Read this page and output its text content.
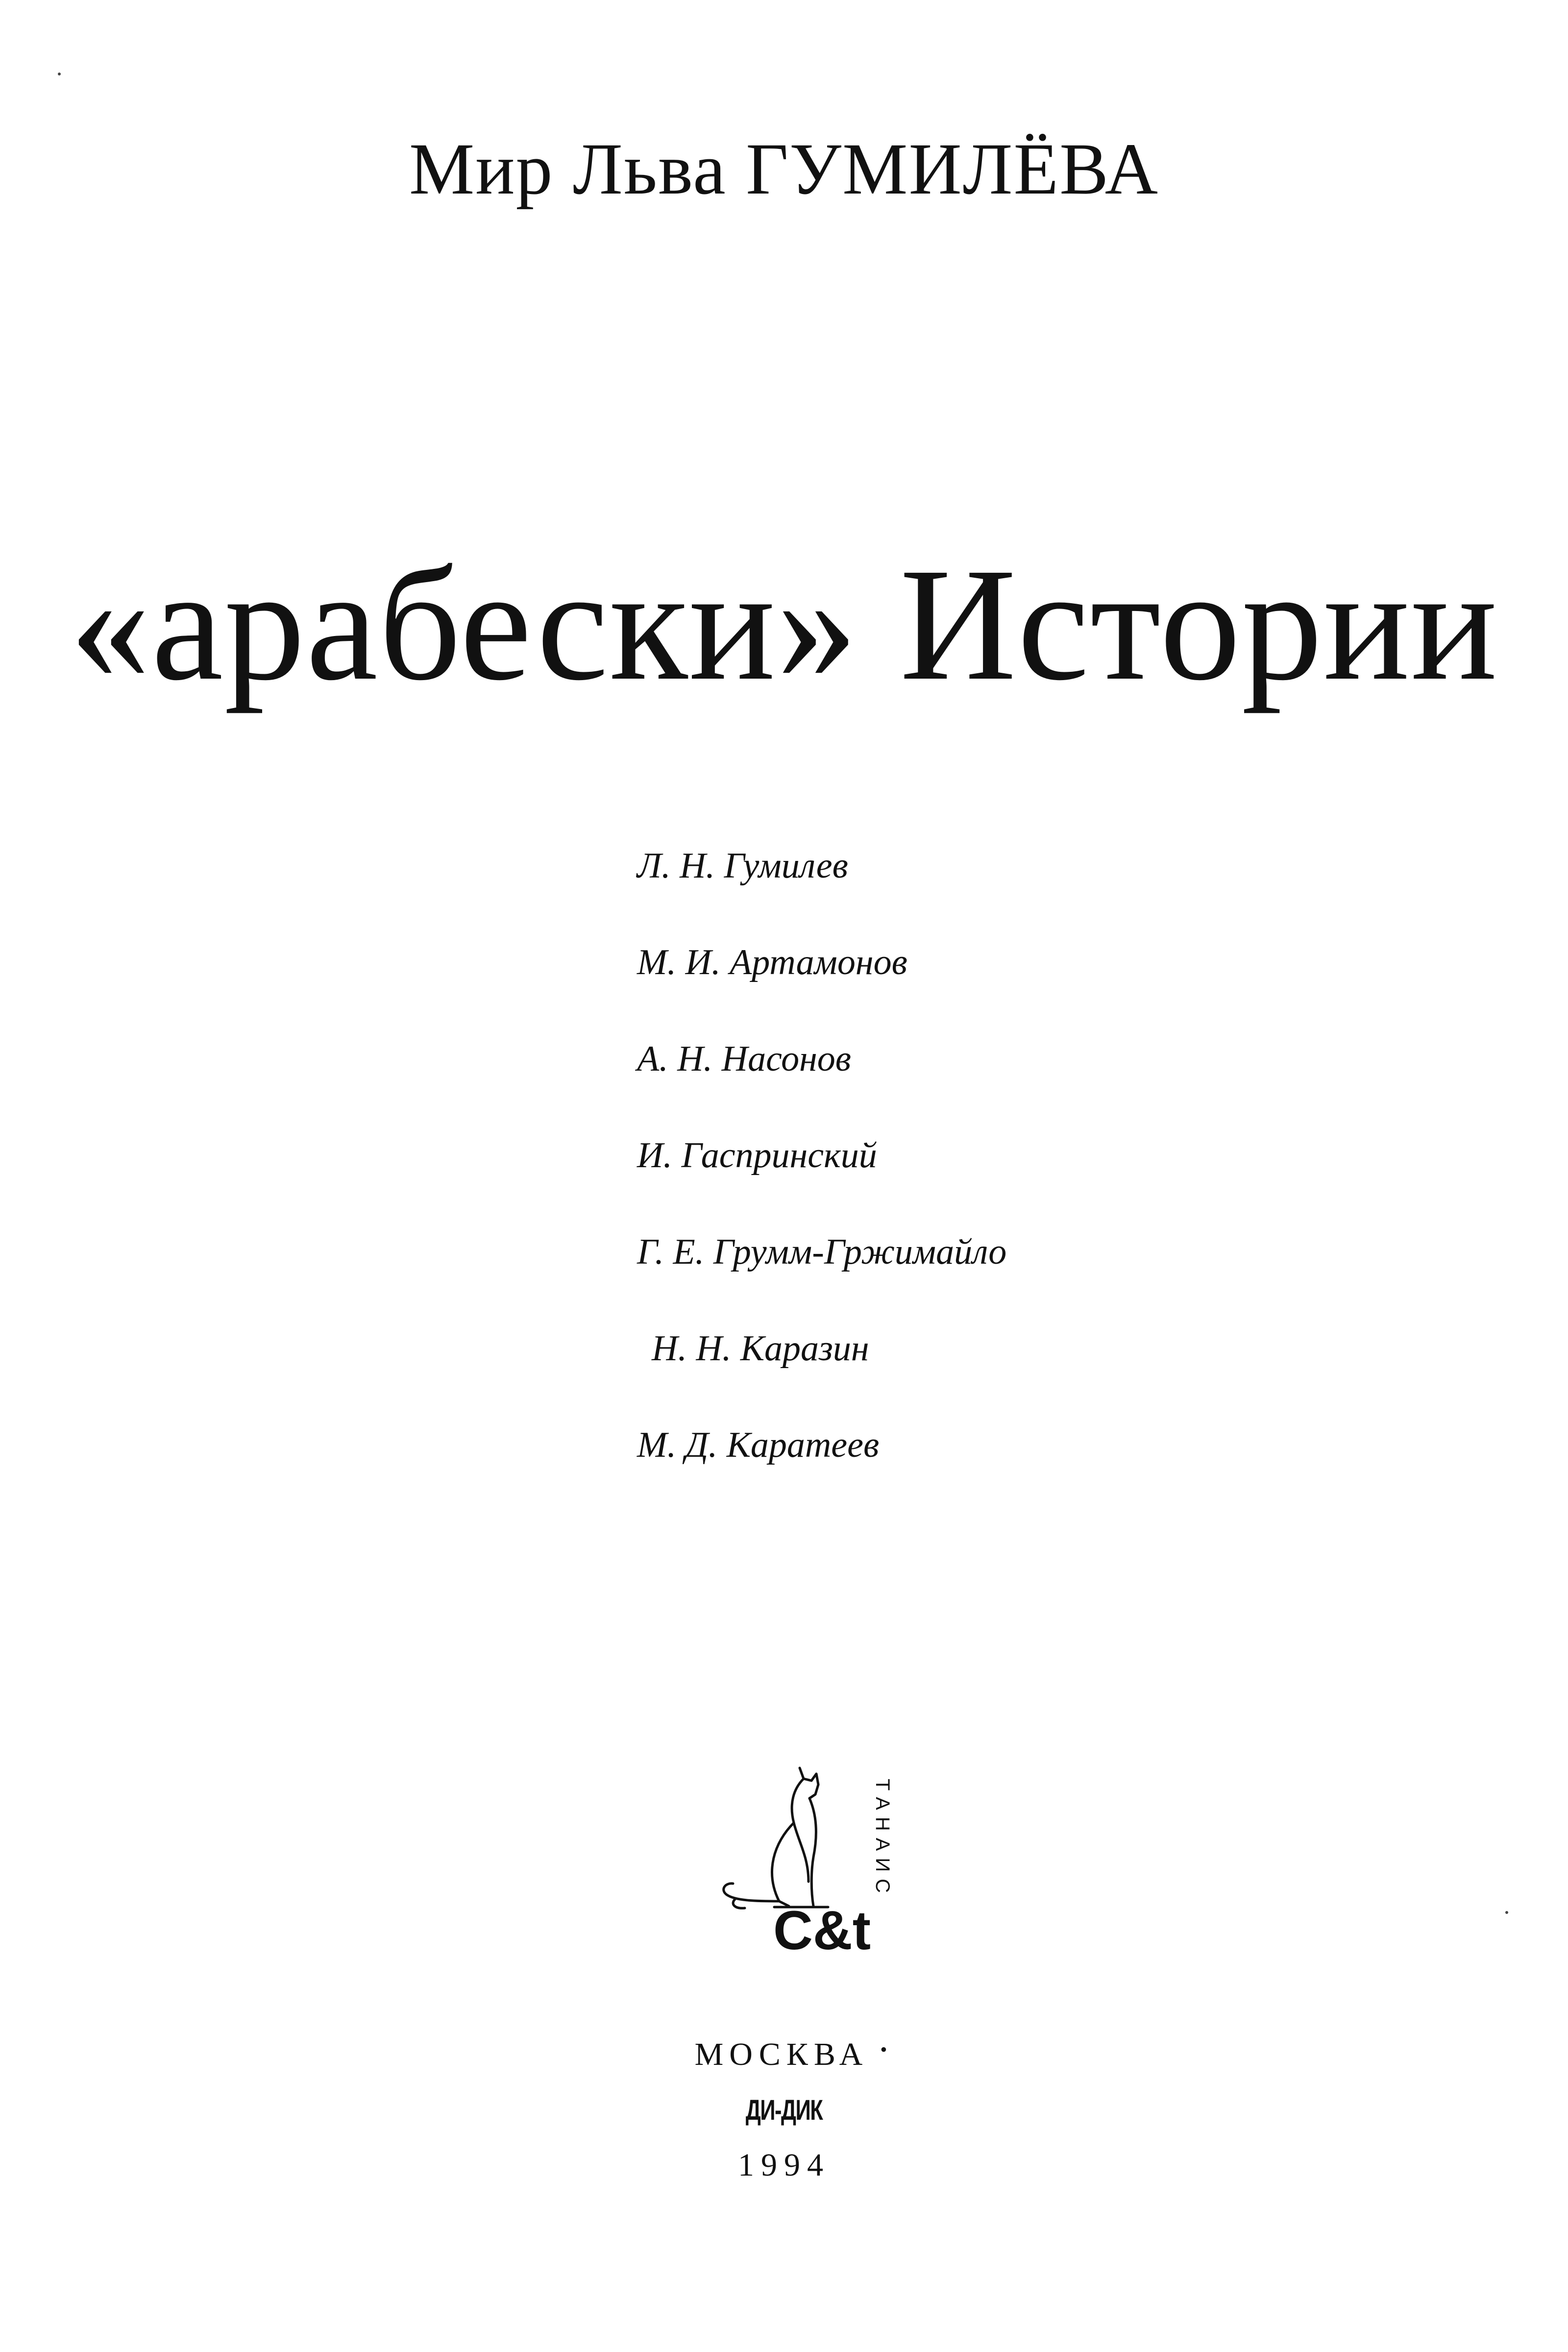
Мир Льва ГУМИЛЁВА
«арабески» Истории
Л. Н. Гумилев
М. И. Артамонов
А. Н. Насонов
И. Гаспринский
Г. Е. Грумм-Гржимайло
Н. Н. Каразин
М. Д. Каратеев
C&t
ТАНАИС
МОСКВА •
ДИ-ДИК
1994
